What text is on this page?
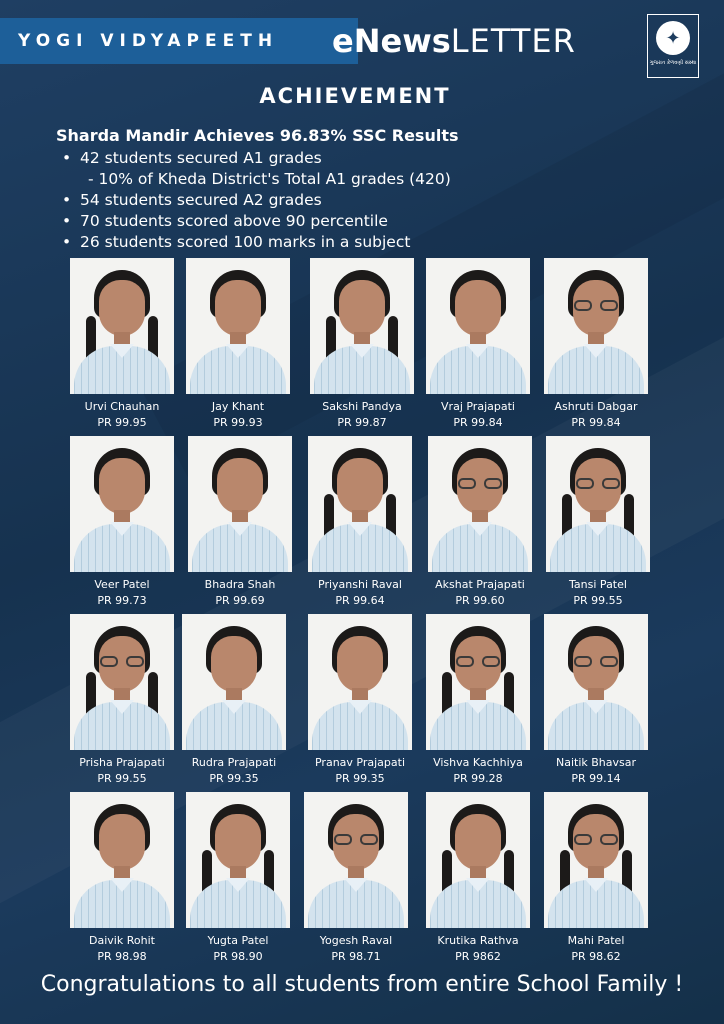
YOGI VIDYAPEETH eNewsLETTER	✦
ગુજરાત કેળવણી સંસ્થા
ACHIEVEMENT
Sharda Mandir Achieves 96.83% SSC Results
• 42 students secured A1 grades
- 10% of Kheda District's Total A1 grades (420)
• 54 students secured A2 grades
• 70 students scored above 90 percentile
• 26 students scored 100 marks in a subject
Urvi Chauhan
PR 99.95
Jay Khant
PR 99.93
Sakshi Pandya
PR 99.87
Vraj Prajapati
PR 99.84
Ashruti Dabgar
PR 99.84
Veer Patel
PR 99.73
Bhadra Shah
PR 99.69
Priyanshi Raval
PR 99.64
Akshat Prajapati
PR 99.60
Tansi Patel
PR 99.55
Prisha Prajapati
PR 99.55
Rudra Prajapati
PR 99.35
Pranav Prajapati
PR 99.35
Vishva Kachhiya
PR 99.28
Naitik Bhavsar
PR 99.14
Daivik Rohit
PR 98.98
Yugta Patel
PR 98.90
Yogesh Raval
PR 98.71
Krutika Rathva
PR 9862
Mahi Patel
PR 98.62
Congratulations to all students from entire School Family !
